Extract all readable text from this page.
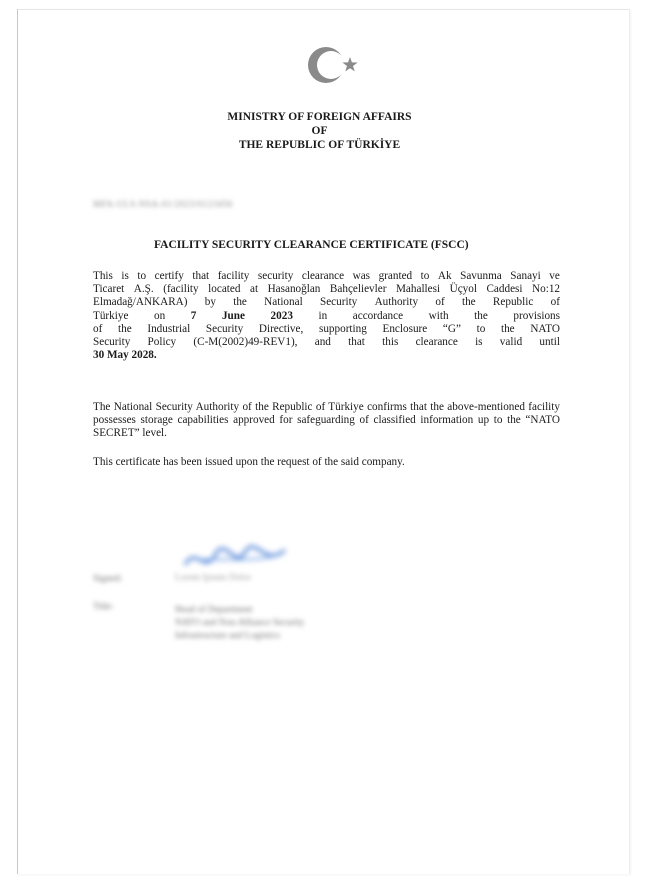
MINISTRY OF FOREIGN AFFAIRS
OF
THE REPUBLIC OF TÜRKİYE
MFA-ULS-NSA-01/2023/0123456
FACILITY SECURITY CLEARANCE CERTIFICATE (FSCC)
This is to certify that facility security clearance was granted to Ak Savunma Sanayi ve
Ticaret A.Ş. (facility located at Hasanoğlan Bahçelievler Mahallesi Üçyol Caddesi No:12
Elmadağ/ANKARA) by the National Security Authority of the Republic of
Türkiye on 7 June 2023 in accordance with the provisions
of the Industrial Security Directive, supporting Enclosure “G” to the NATO
Security Policy (C-M(2002)49-REV1), and that this clearance is valid until
30 May 2028.
The National Security Authority of the Republic of Türkiye confirms that the above-mentioned facility possesses storage capabilities approved for safeguarding of classified information up to the “NATO SECRET” level.
This certificate has been issued upon the request of the said company.
Signed:	Lorem Ipsum Dolor
Title:	Head of Department
NATO and Non-Alliance Security
Infrastructure and Logistics
